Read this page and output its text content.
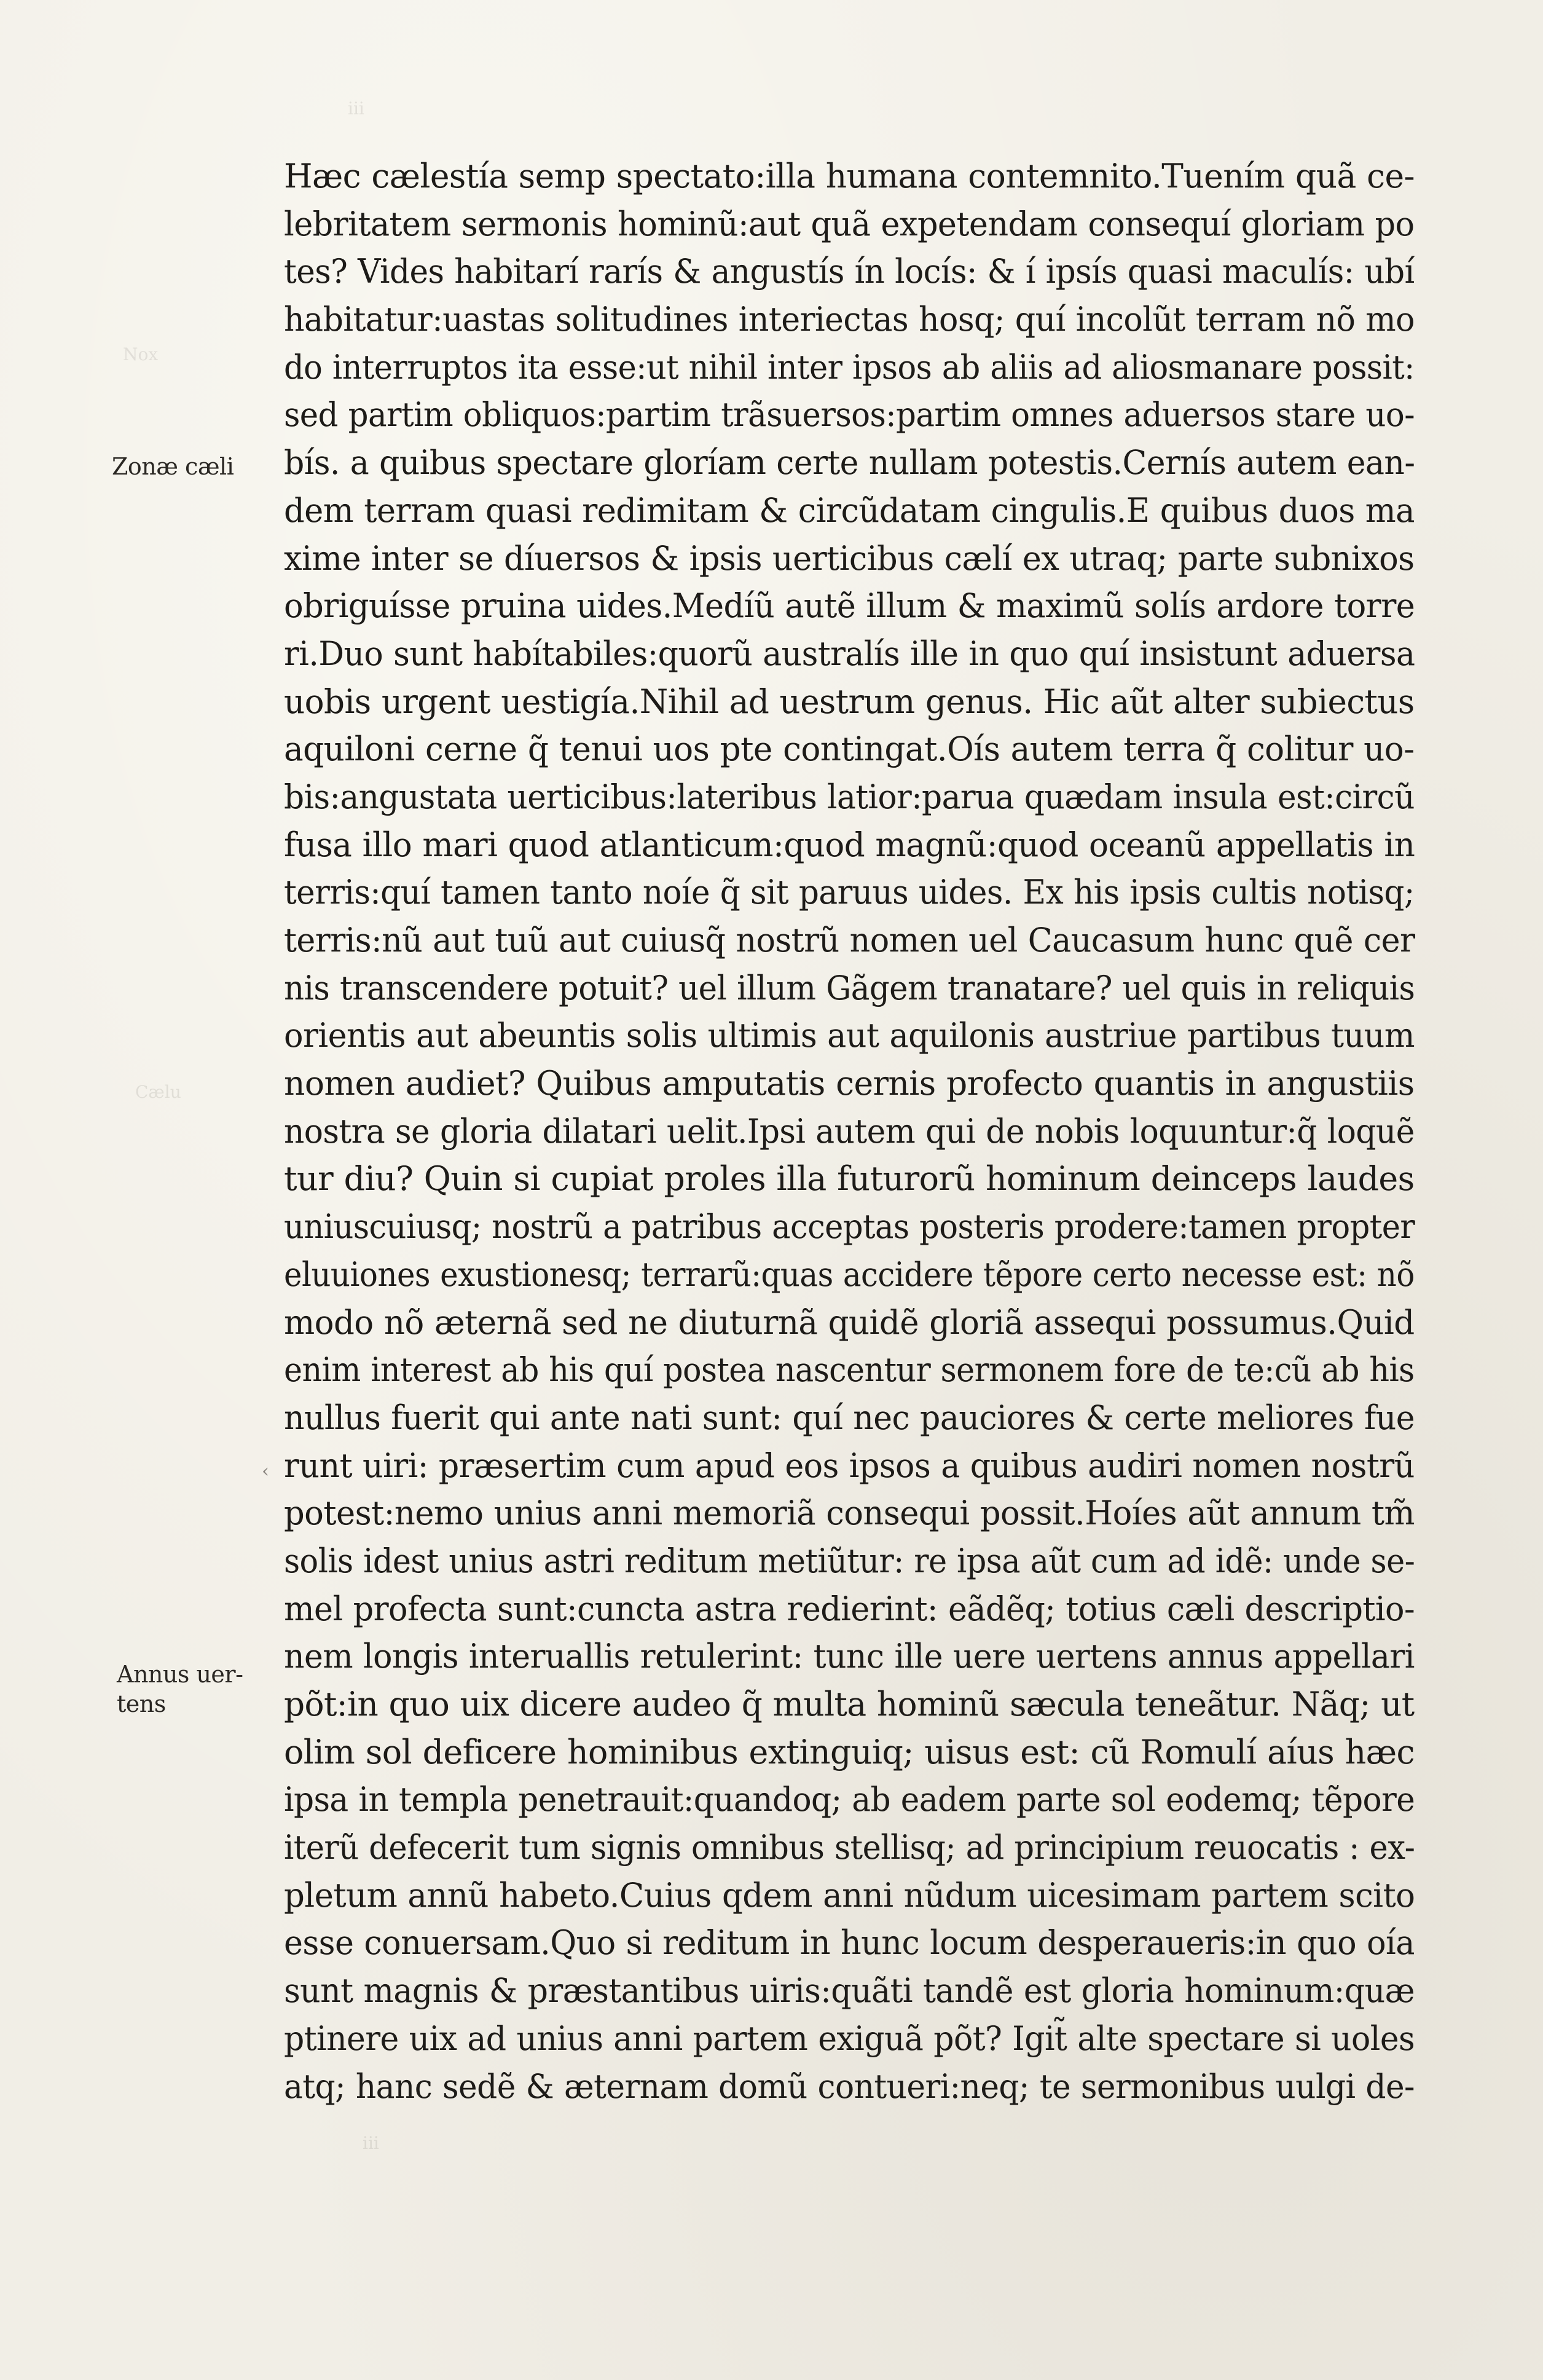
iii
Nox
Cælu
iii
Zonæ cæli
Annus uer-
tens
‹
Hæc cælestía semp spectato:illa humana contemnito.Tuením quã ce-
lebritatem sermonis hominũ:aut quã expetendam consequí gloriam po
tes? Vides habitarí rarís & angustís ín locís: & í ipsís quasi maculís: ubí
habitatur:uastas solitudines interiectas hosq; quí incolũt terram nõ mo
do interruptos ita esse:ut nihil inter ipsos ab aliis ad aliosmanare possit:
sed partim obliquos:partim trãsuersos:partim omnes aduersos stare uo-
bís. a quibus spectare gloríam certe nullam potestis.Cernís autem ean-
dem terram quasi redimitam & circũdatam cingulis.E quibus duos ma
xime inter se díuersos & ipsis uerticibus cælí ex utraq; parte subnixos
obriguísse pruina uides.Medíũ autẽ illum & maximũ solís ardore torre
ri.Duo sunt habítabiles:quorũ australís ille in quo quí insistunt aduersa
uobis urgent uestigía.Nihil ad uestrum genus. Hic aũt alter subiectus
aquiloni cerne q̃ tenui uos pte contingat.Oís autem terra q̃ colitur uo-
bis:angustata uerticibus:lateribus latior:parua quædam insula est:circũ
fusa illo mari quod atlanticum:quod magnũ:quod oceanũ appellatis in
terris:quí tamen tanto noíe q̃ sit paruus uides. Ex his ipsis cultis notisq;
terris:nũ aut tuũ aut cuiusq̃ nostrũ nomen uel Caucasum hunc quẽ cer
nis transcendere potuit? uel illum Gãgem tranatare? uel quis in reliquis
orientis aut abeuntis solis ultimis aut aquilonis austriue partibus tuum
nomen audiet? Quibus amputatis cernis profecto quantis in angustiis
nostra se gloria dilatari uelit.Ipsi autem qui de nobis loquuntur:q̃ loquẽ
tur diu? Quin si cupiat proles illa futurorũ hominum deinceps laudes
uniuscuiusq; nostrũ a patribus acceptas posteris prodere:tamen propter
eluuiones exustionesq; terrarũ:quas accidere tẽpore certo necesse est: nõ
modo nõ æternã sed ne diuturnã quidẽ gloriã assequi possumus.Quid
enim interest ab his quí postea nascentur sermonem fore de te:cũ ab his
nullus fuerit qui ante nati sunt: quí nec pauciores & certe meliores fue
runt uiri: præsertim cum apud eos ipsos a quibus audiri nomen nostrũ
potest:nemo unius anni memoriã consequi possit.Hoíes aũt annum tm̃
solis idest unius astri reditum metiũtur: re ipsa aũt cum ad idẽ: unde se-
mel profecta sunt:cuncta astra redierint: eãdẽq; totius cæli descriptio-
nem longis interuallis retulerint: tunc ille uere uertens annus appellari
põt:in quo uix dicere audeo q̃ multa hominũ sæcula teneãtur. Nãq; ut
olim sol deficere hominibus extinguiq; uisus est: cũ Romulí aíus hæc
ipsa in templa penetrauit:quandoq; ab eadem parte sol eodemq; tẽpore
iterũ defecerit tum signis omnibus stellisq; ad principium reuocatis : ex-
pletum annũ habeto.Cuius qdem anni nũdum uicesimam partem scito
esse conuersam.Quo si reditum in hunc locum desperaueris:in quo oía
sunt magnis & præstantibus uiris:quãti tandẽ est gloria hominum:quæ
ptinere uix ad unius anni partem exiguã põt? Igit̃ alte spectare si uoles
atq; hanc sedẽ & æternam domũ contueri:neq; te sermonibus uulgi de-
